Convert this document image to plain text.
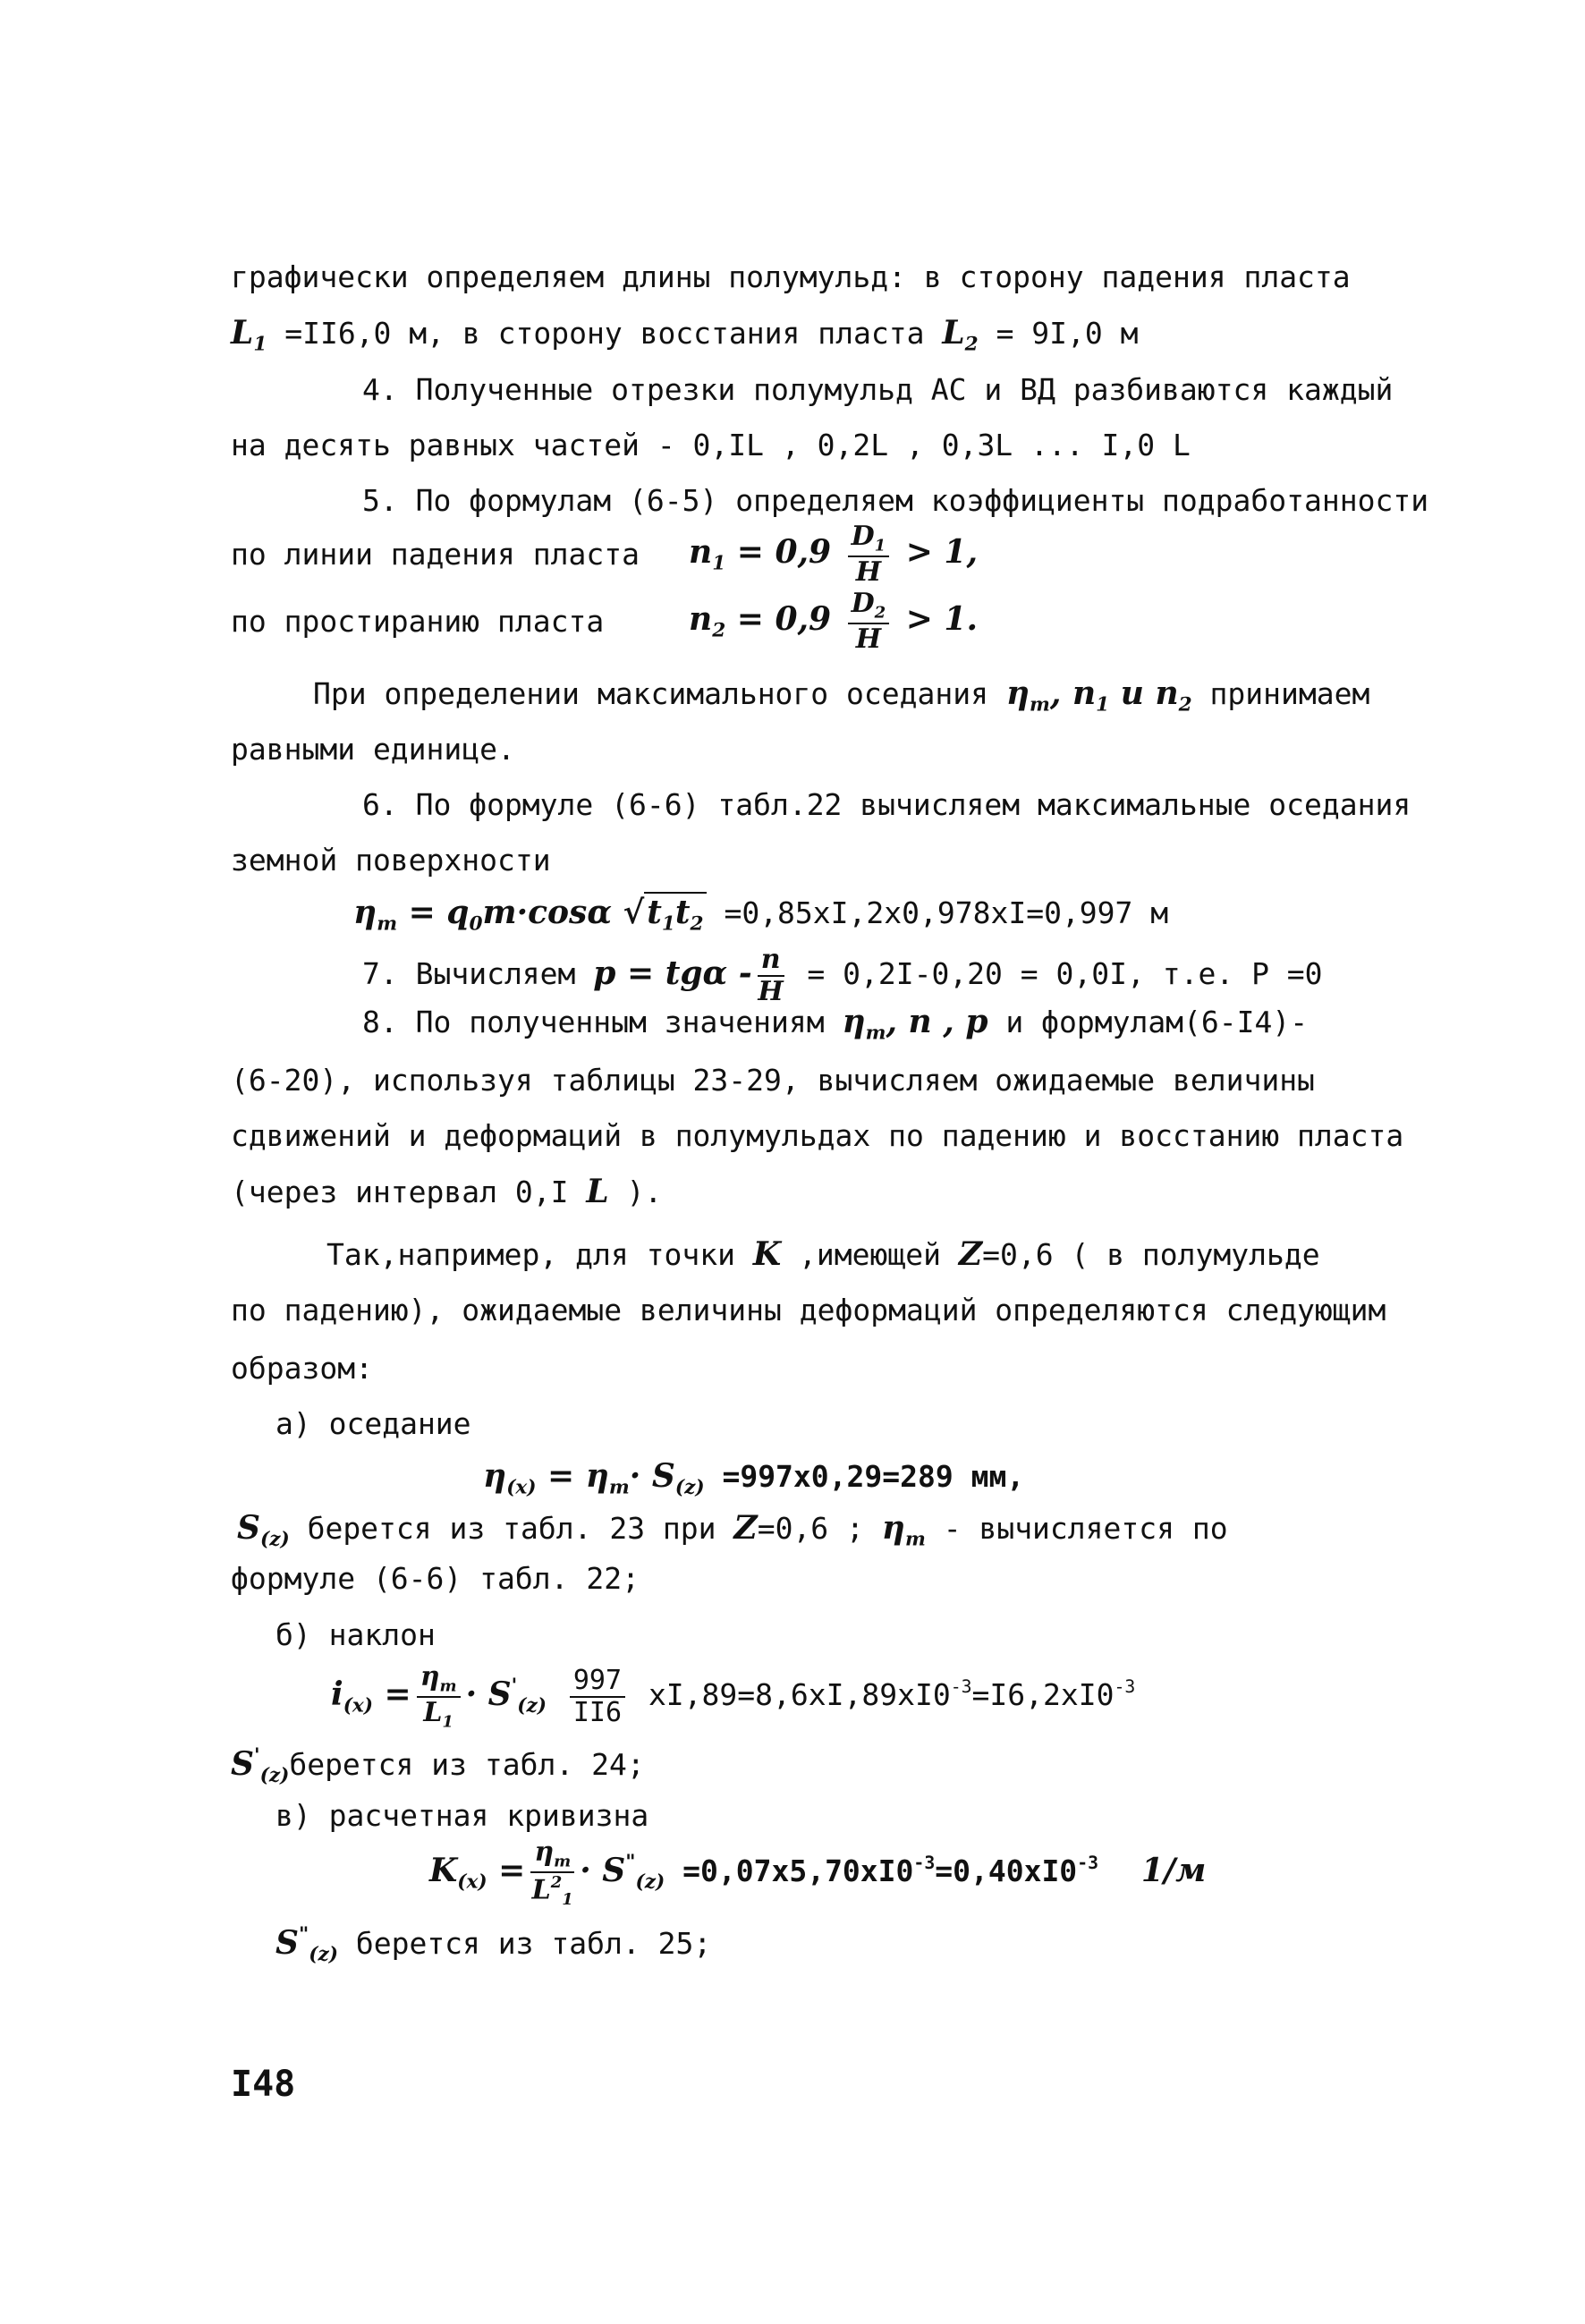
графически определяем длины полумульд: в сторону падения пласта
$L_1 =II6,0$ м, в сторону восстания пласта $L_2 = 9I,0$ м
4. Полученные отрезки полумульд АС и ВД разбиваются каждый
на десять равных частей - 0,IL , 0,2L , 0,3L ... I,0 L
5. По формулам (6-5) определяем коэффициенты подработанности
по линии падения пласта $n_1 = 0,9 \frac{D_1}{H} > 1$,
по простиранию пласта	$n_2 = 0,9 \frac{D_2}{H} > 1$.
При определении максимального оседания $\eta_m$, $n_1$ и $n_2$ принимаем
равными единице.
6. По формуле (6-6) табл.22 вычисляем максимальные оседания
земной поверхности
$\eta_m = q_0m\cdot\cos\alpha$ $√t_1t_2 =0,85xI,2x0,978xI=0,997$ м
7. Вычисляем $p = tg\alpha - \frac{n}{H} = 0,2I-0,20 = 0,0I$, т.е. P =0
8. По полученным значениям $\eta_m$, n , p и формулам(6-I4)-
(6-20), используя таблицы 23-29, вычисляем ожидаемые величины
сдвижений и деформаций в полумульдах по падению и восстанию пласта
(через интервал 0,I L ).
Так,например, для точки K ,имеющей Z=0,6 ( в полумульде
по падению), ожидаемые величины деформаций определяются следующим
образом:
а) оседание
$\eta_{(x)} = \eta_m\cdot S_{(z)} =997x0,29=289$ мм,
$S_{(z)}$ берется из табл. 23 при Z=0,6 ; $\eta_m$ - вычисляется по
формуле (6-6) табл. 22;
б) наклон
$i_{(x)} = \frac{\eta_m}{L_1} \cdot S'_{(z)} \frac{997}{II6} xI,89=8,6xI,89xI0^{-3}=I6,2xI0^{-3}$
$S'_{(z)}берется$ из табл. 24;
в) расчетная кривизна
$K_{(x)} = \frac{\eta_m}{L^2_1} \cdot S^"_{(z)} =0,07x5,70xI0^{-3}=0,40xI0^{-3}$ 1/м
$S^"_{(z)}$ берется из табл. 25;
I48
